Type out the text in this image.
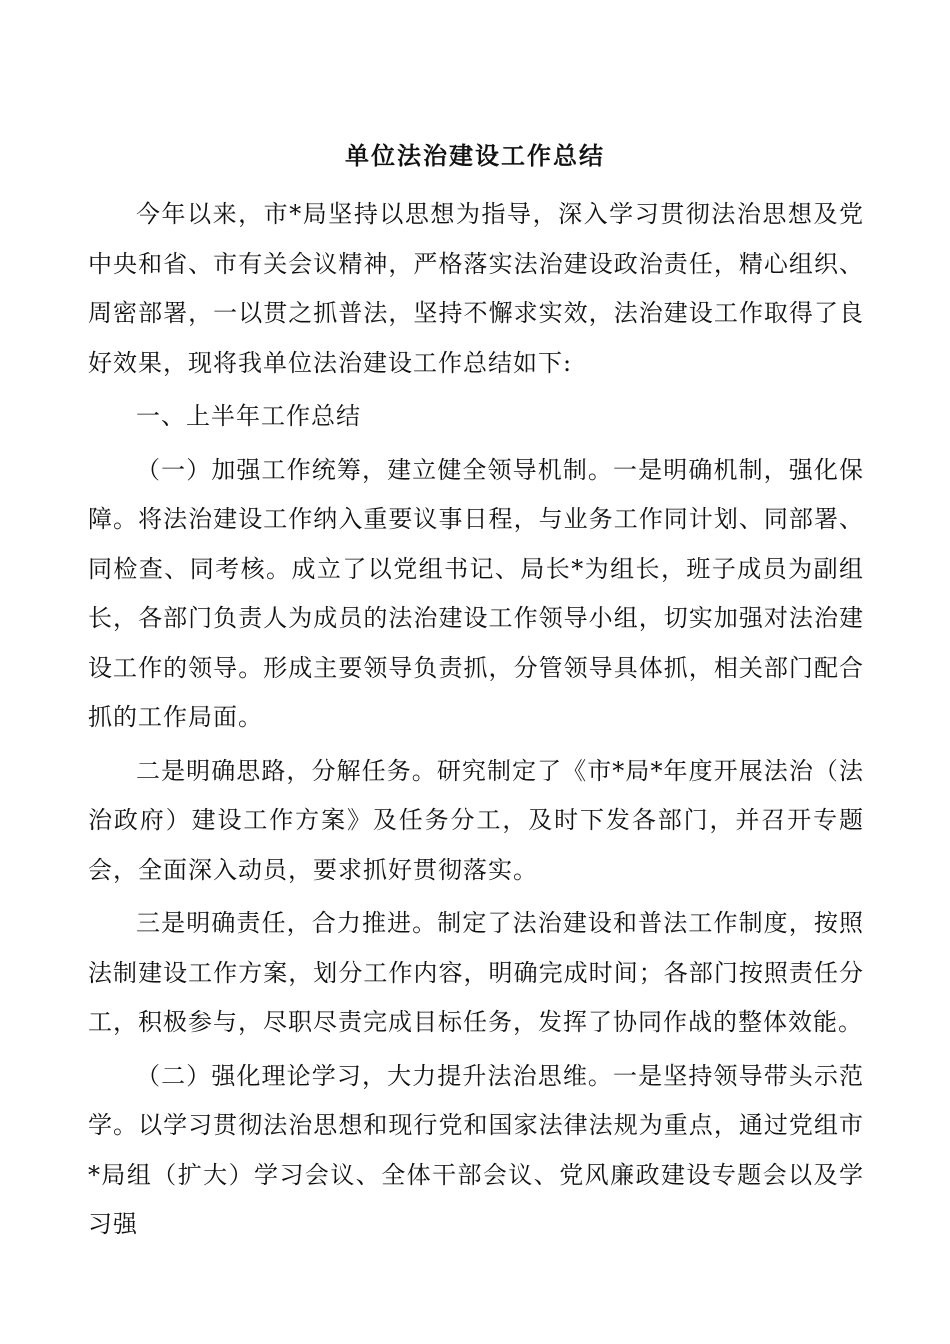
单位法治建设工作总结

今年以来，市*局坚持以思想为指导，深入学习贯彻法治思想及党中央和省、市有关会议精神，严格落实法治建设政治责任，精心组织、周密部署，一以贯之抓普法，坚持不懈求实效，法治建设工作取得了良好效果，现将我单位法治建设工作总结如下:

一、上半年工作总结

（一）加强工作统筹，建立健全领导机制。一是明确机制，强化保障。将法治建设工作纳入重要议事日程，与业务工作同计划、同部署、同检查、同考核。成立了以党组书记、局长*为组长，班子成员为副组长，各部门负责人为成员的法治建设工作领导小组，切实加强对法治建设工作的领导。形成主要领导负责抓，分管领导具体抓，相关部门配合抓的工作局面。

二是明确思路，分解任务。研究制定了《市*局*年度开展法治（法治政府）建设工作方案》及任务分工，及时下发各部门，并召开专题会，全面深入动员，要求抓好贯彻落实。

三是明确责任，合力推进。制定了法治建设和普法工作制度，按照法制建设工作方案，划分工作内容，明确完成时间；各部门按照责任分工，积极参与，尽职尽责完成目标任务，发挥了协同作战的整体效能。

（二）强化理论学习，大力提升法治思维。一是坚持领导带头示范学。以学习贯彻法治思想和现行党和国家法律法规为重点，通过党组市*局组（扩大）学习会议、全体干部会议、党风廉政建设专题会以及学习强
